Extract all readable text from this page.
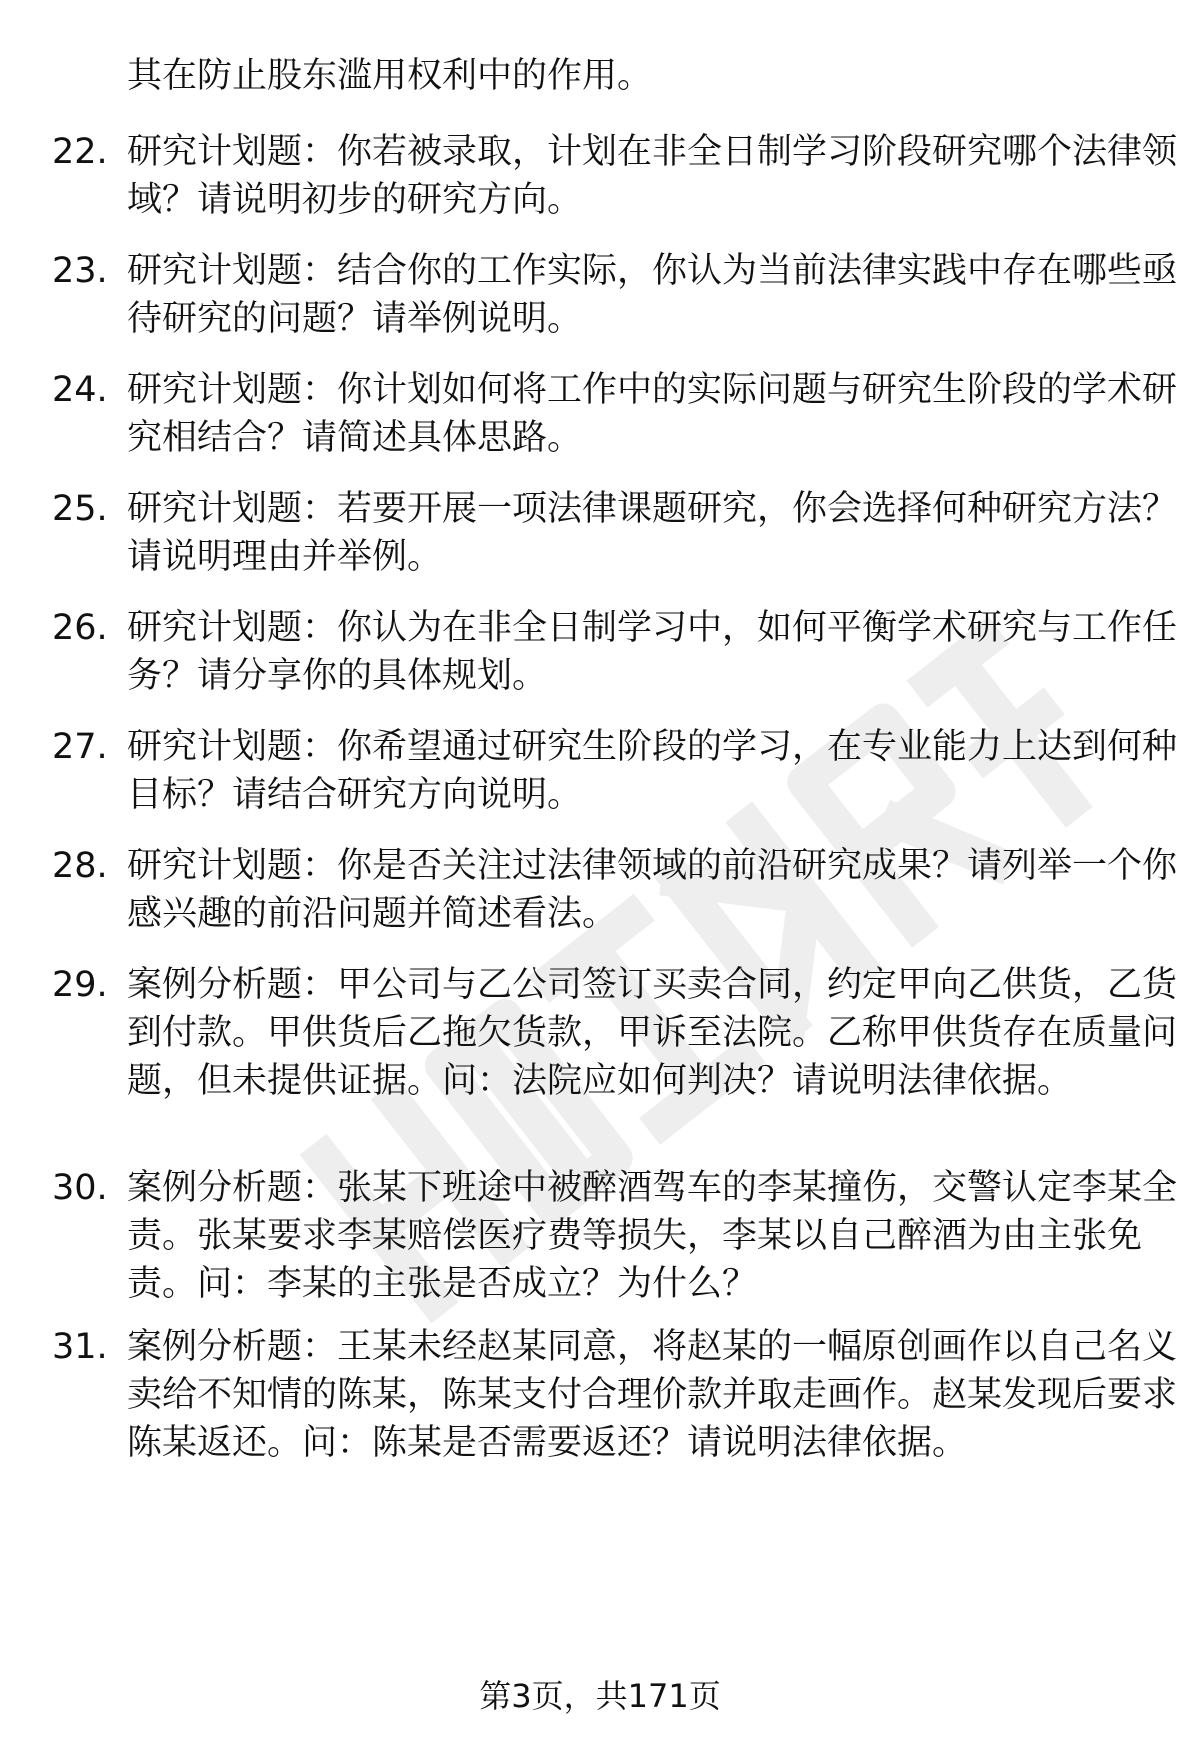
其在防止股东滥用权利中的作用。
22. 研究计划题：你若被录取，计划在非全日制学习阶段研究哪个法律领域？请说明初步的研究方向。
23. 研究计划题：结合你的工作实际，你认为当前法律实践中存在哪些亟待研究的问题？请举例说明。
24. 研究计划题：你计划如何将工作中的实际问题与研究生阶段的学术研究相结合？请简述具体思路。
25. 研究计划题：若要开展一项法律课题研究，你会选择何种研究方法？请说明理由并举例。
26. 研究计划题：你认为在非全日制学习中，如何平衡学术研究与工作任务？请分享你的具体规划。
27. 研究计划题：你希望通过研究生阶段的学习，在专业能力上达到何种目标？请结合研究方向说明。
28. 研究计划题：你是否关注过法律领域的前沿研究成果？请列举一个你感兴趣的前沿问题并简述看法。
29. 案例分析题：甲公司与乙公司签订买卖合同，约定甲向乙供货，乙货到付款。甲供货后乙拖欠货款，甲诉至法院。乙称甲供货存在质量问题，但未提供证据。问：法院应如何判决？请说明法律依据。
30. 案例分析题：张某下班途中被醉酒驾车的李某撞伤，交警认定李某全责。张某要求李某赔偿医疗费等损失，李某以自己醉酒为由主张免责。问：李某的主张是否成立？为什么？
31. 案例分析题：王某未经赵某同意，将赵某的一幅原创画作以自己名义卖给不知情的陈某，陈某支付合理价款并取走画作。赵某发现后要求陈某返还。问：陈某是否需要返还？请说明法律依据。
第3页，共171页
